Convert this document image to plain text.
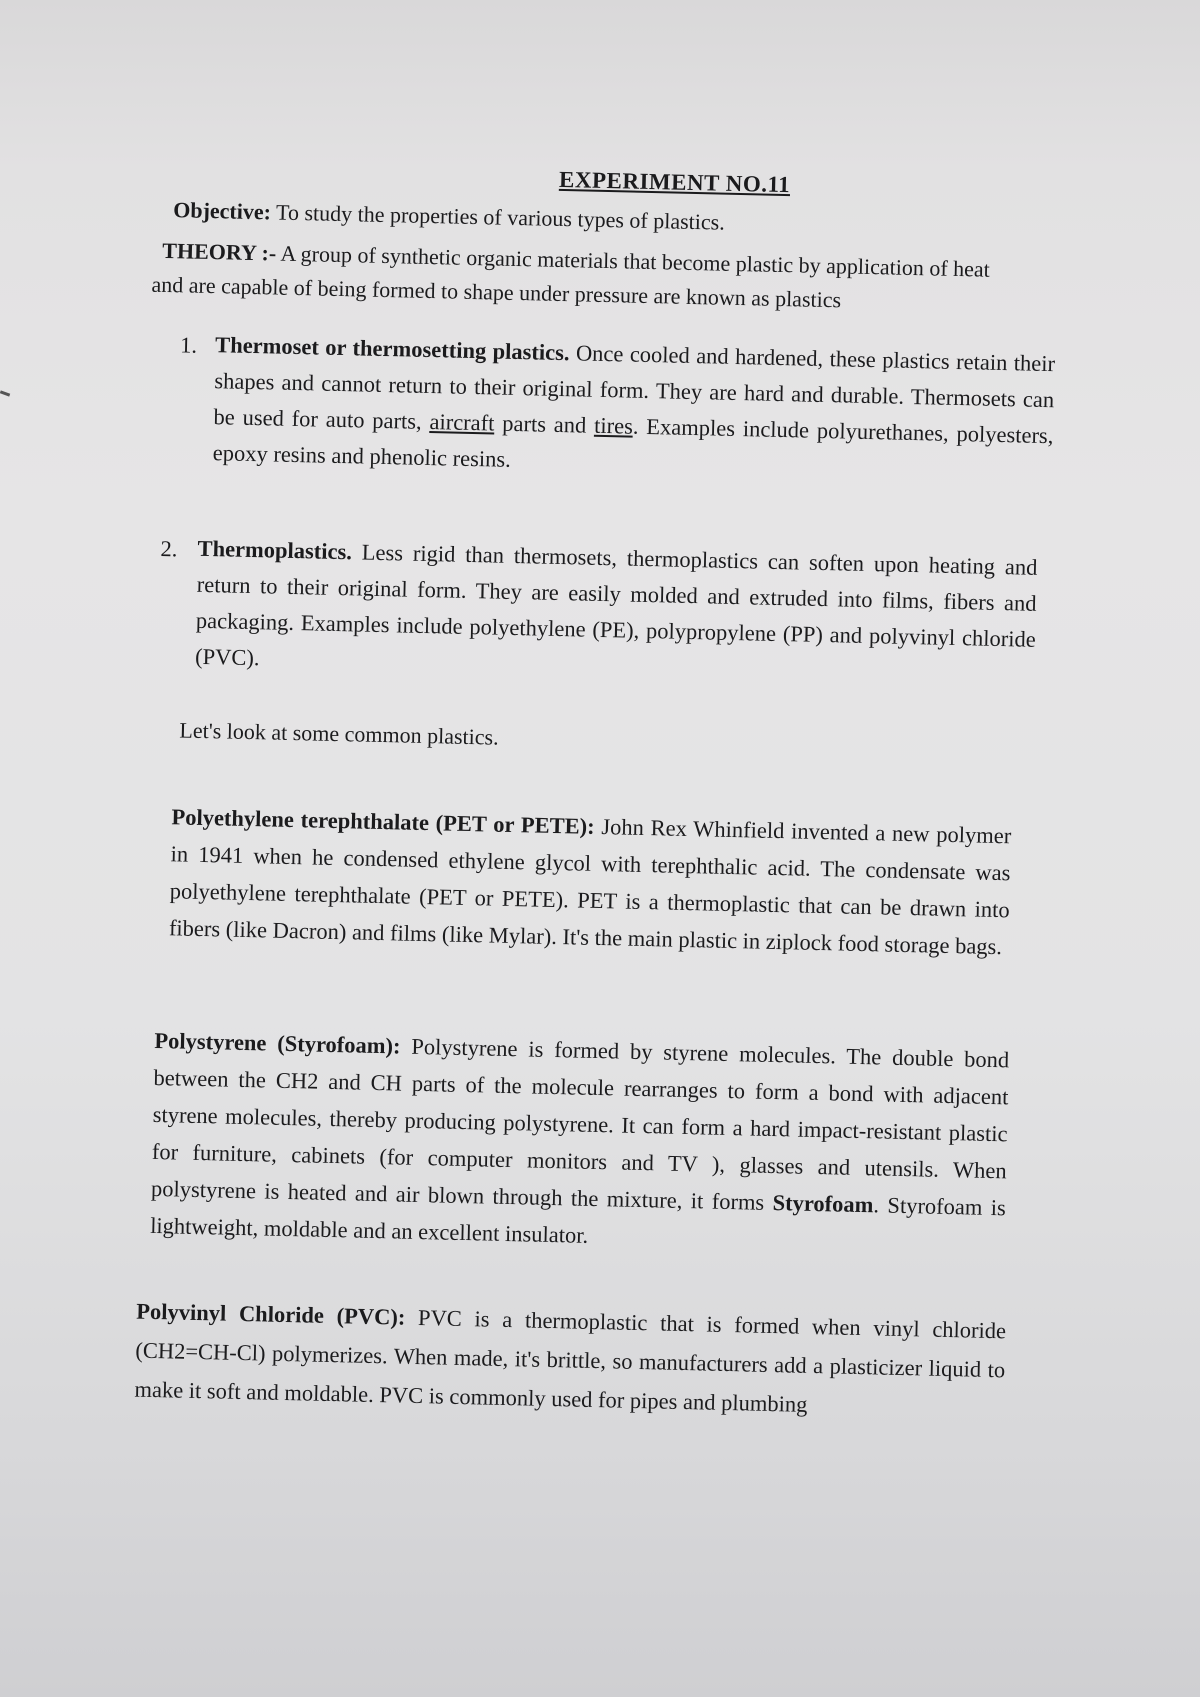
EXPERIMENT NO.11
Objective: To study the properties of various types of plastics.
THEORY :- A group of synthetic organic materials that become plastic by application of heat
and are capable of being formed to shape under pressure are known as plastics
1. Thermoset or thermosetting plastics. Once cooled and hardened, these plastics retain their shapes and cannot return to their original form. They are hard and durable. Thermosets can be used for auto parts, aircraft parts and tires. Examples include polyurethanes, polyesters, epoxy resins and phenolic resins.
2. Thermoplastics. Less rigid than thermosets, thermoplastics can soften upon heating and return to their original form. They are easily molded and extruded into films, fibers and packaging. Examples include polyethylene (PE), polypropylene (PP) and polyvinyl chloride (PVC).
Let's look at some common plastics.
Polyethylene terephthalate (PET or PETE): John Rex Whinfield invented a new polymer in 1941 when he condensed ethylene glycol with terephthalic acid. The condensate was polyethylene terephthalate (PET or PETE). PET is a thermoplastic that can be drawn into fibers (like Dacron) and films (like Mylar). It's the main plastic in ziplock food storage bags.
Polystyrene (Styrofoam): Polystyrene is formed by styrene molecules. The double bond between the CH2 and CH parts of the molecule rearranges to form a bond with adjacent styrene molecules, thereby producing polystyrene. It can form a hard impact-resistant plastic for furniture, cabinets (for computer monitors and TV ), glasses and utensils. When polystyrene is heated and air blown through the mixture, it forms Styrofoam. Styrofoam is lightweight, moldable and an excellent insulator.
Polyvinyl Chloride (PVC): PVC is a thermoplastic that is formed when vinyl chloride (CH2=CH-Cl) polymerizes. When made, it's brittle, so manufacturers add a plasticizer liquid to make it soft and moldable. PVC is commonly used for pipes and plumbing
